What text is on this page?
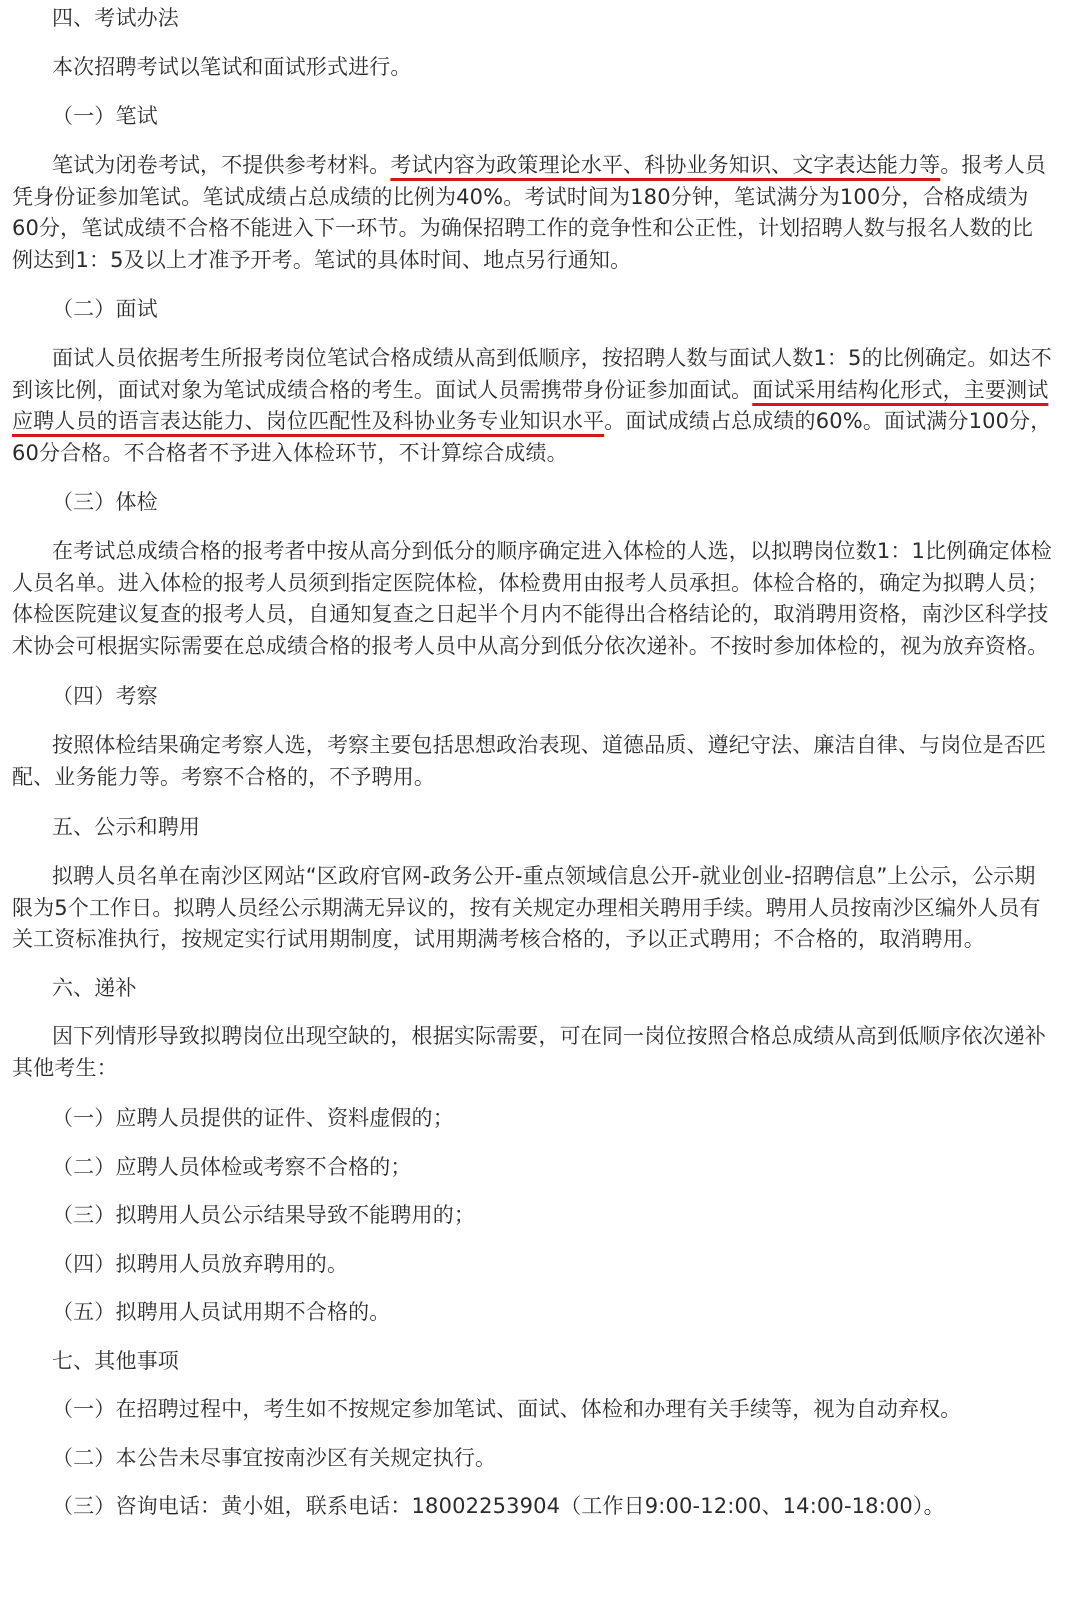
四、考试办法

本次招聘考试以笔试和面试形式进行。

（一）笔试

笔试为闭卷考试，不提供参考材料。考试内容为政策理论水平、科协业务知识、文字表达能力等。报考人员凭身份证参加笔试。笔试成绩占总成绩的比例为40%。考试时间为180分钟，笔试满分为100分，合格成绩为60分，笔试成绩不合格不能进入下一环节。为确保招聘工作的竞争性和公正性，计划招聘人数与报名人数的比例达到1：5及以上才准予开考。笔试的具体时间、地点另行通知。

（二）面试

面试人员依据考生所报考岗位笔试合格成绩从高到低顺序，按招聘人数与面试人数1：5的比例确定。如达不到该比例，面试对象为笔试成绩合格的考生。面试人员需携带身份证参加面试。面试采用结构化形式，主要测试应聘人员的语言表达能力、岗位匹配性及科协业务专业知识水平。面试成绩占总成绩的60%。面试满分100分，60分合格。不合格者不予进入体检环节，不计算综合成绩。

（三）体检

在考试总成绩合格的报考者中按从高分到低分的顺序确定进入体检的人选，以拟聘岗位数1：1比例确定体检人员名单。进入体检的报考人员须到指定医院体检，体检费用由报考人员承担。体检合格的，确定为拟聘人员；体检医院建议复查的报考人员，自通知复查之日起半个月内不能得出合格结论的，取消聘用资格，南沙区科学技术协会可根据实际需要在总成绩合格的报考人员中从高分到低分依次递补。不按时参加体检的，视为放弃资格。

（四）考察

按照体检结果确定考察人选，考察主要包括思想政治表现、道德品质、遵纪守法、廉洁自律、与岗位是否匹配、业务能力等。考察不合格的，不予聘用。

五、公示和聘用

拟聘人员名单在南沙区网站“区政府官网-政务公开-重点领域信息公开-就业创业-招聘信息”上公示，公示期限为5个工作日。拟聘人员经公示期满无异议的，按有关规定办理相关聘用手续。聘用人员按南沙区编外人员有关工资标准执行，按规定实行试用期制度，试用期满考核合格的，予以正式聘用；不合格的，取消聘用。

六、递补

因下列情形导致拟聘岗位出现空缺的，根据实际需要，可在同一岗位按照合格总成绩从高到低顺序依次递补其他考生：

（一）应聘人员提供的证件、资料虚假的；

（二）应聘人员体检或考察不合格的；

（三）拟聘用人员公示结果导致不能聘用的；

（四）拟聘用人员放弃聘用的。

（五）拟聘用人员试用期不合格的。

七、其他事项

（一）在招聘过程中，考生如不按规定参加笔试、面试、体检和办理有关手续等，视为自动弃权。

（二）本公告未尽事宜按南沙区有关规定执行。

（三）咨询电话：黄小姐，联系电话：18002253904（工作日9:00-12:00、14:00-18:00）。
